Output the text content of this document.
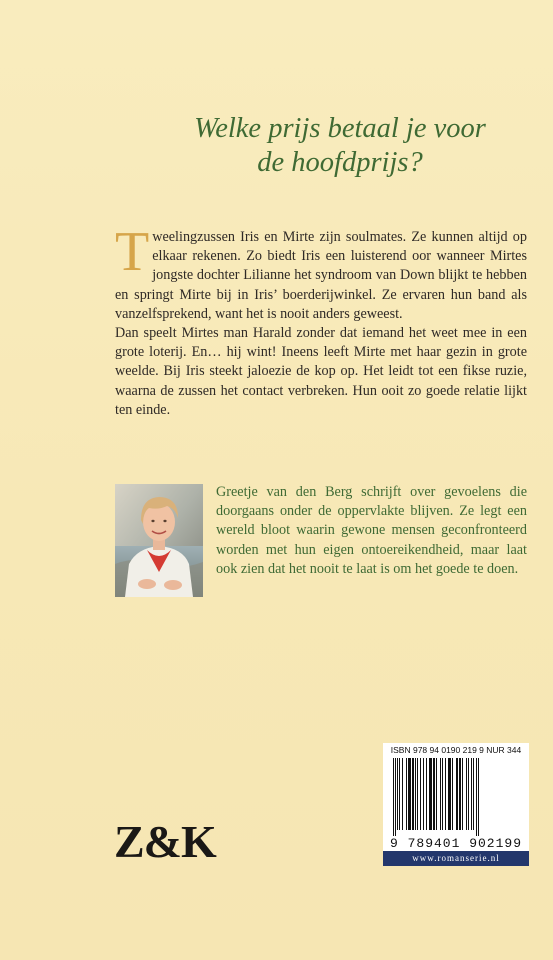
Welke prijs betaal je voor
de hoofdprijs?

Tweelingzussen Iris en Mirte zijn soulmates. Ze kunnen altijd op elkaar rekenen. Zo biedt Iris een luisterend oor wanneer Mirtes jongste dochter Lilianne het syndroom van Down blijkt te hebben en springt Mirte bij in Iris’ boerderijwinkel. Ze ervaren hun band als vanzelfsprekend, want het is nooit anders geweest.

Dan speelt Mirtes man Harald zonder dat iemand het weet mee in een grote loterij. En… hij wint! Ineens leeft Mirte met haar gezin in grote weelde. Bij Iris steekt jaloezie de kop op. Het leidt tot een fikse ruzie, waarna de zussen het contact verbreken. Hun ooit zo goede relatie lijkt ten einde.

Greetje van den Berg schrijft over gevoelens die doorgaans onder de oppervlakte blijven. Ze legt een wereld bloot waarin gewone mensen geconfronteerd worden met hun eigen ontoereikendheid, maar laat ook zien dat het nooit te laat is om het goede te doen.
ISBN 978 94 0190 219 9 NUR 344
9 789401 902199
www.romanserie.nl
Z&K
